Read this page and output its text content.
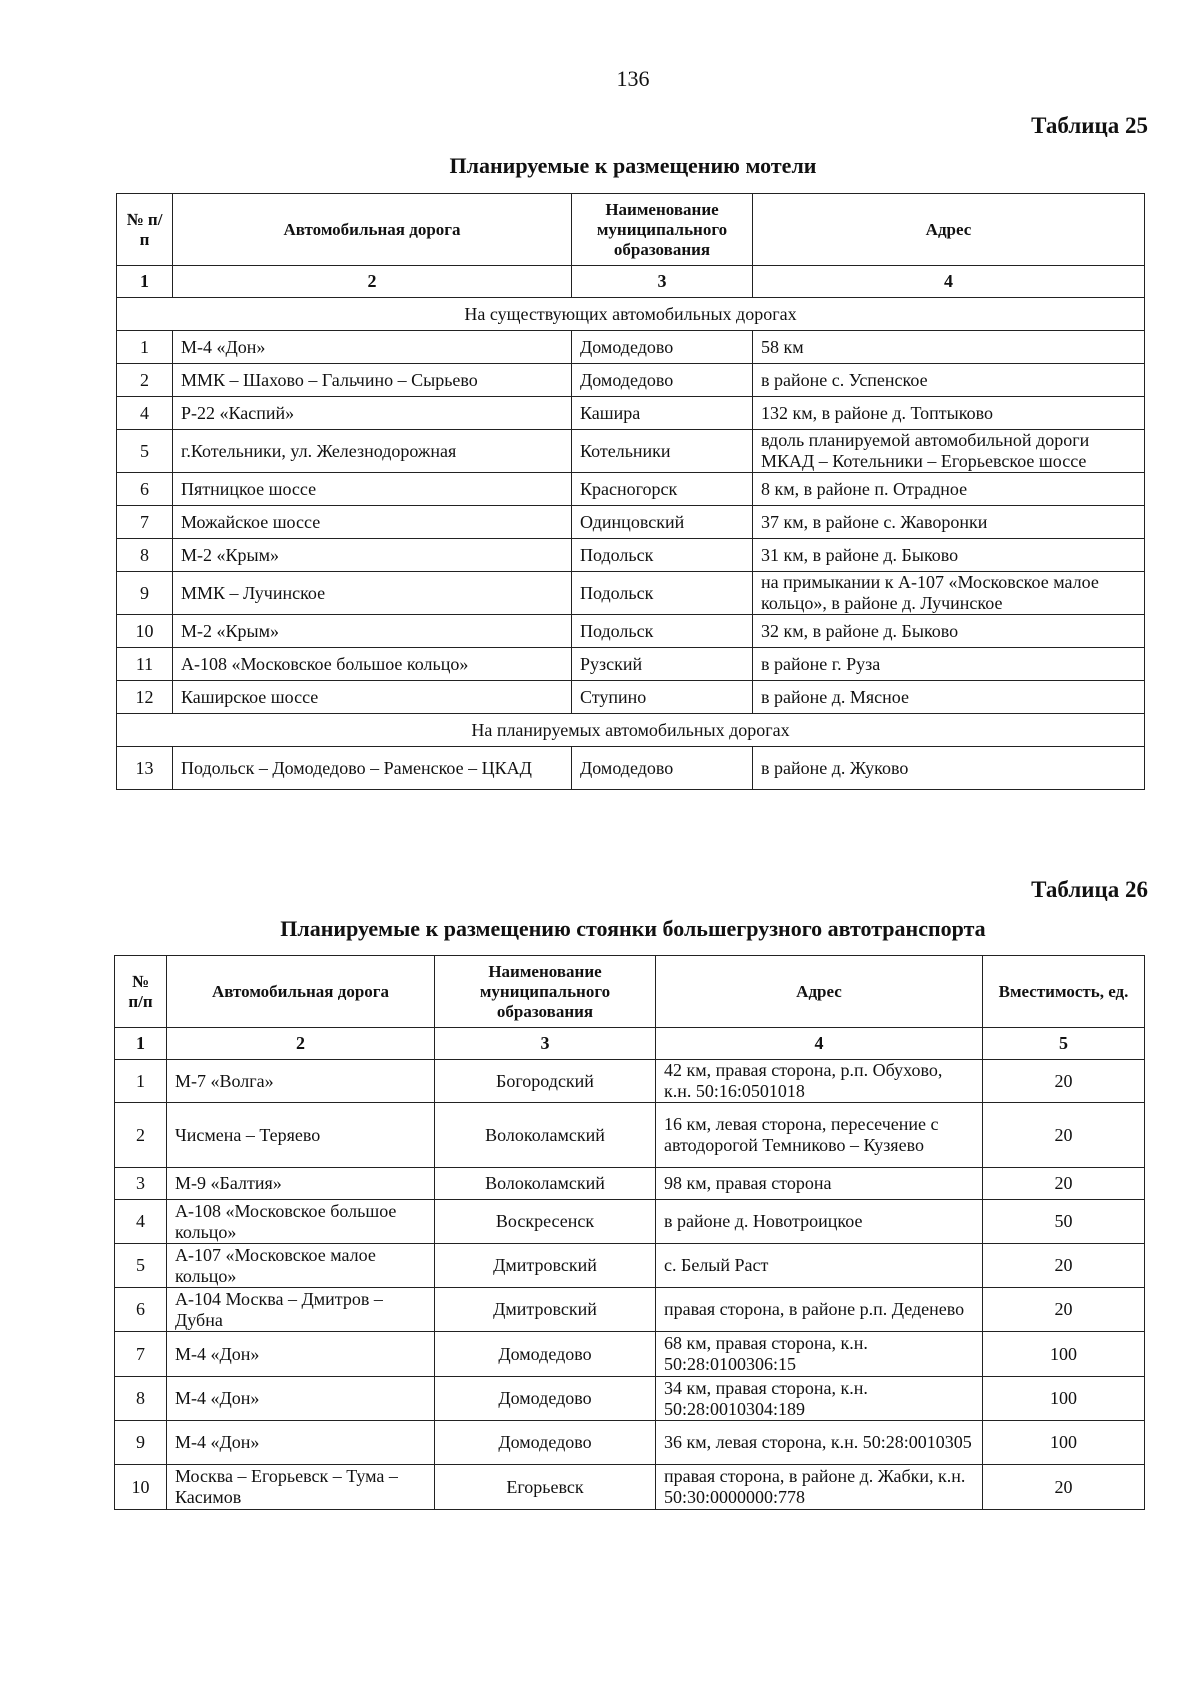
136
Таблица 25
Планируемые к размещению мотели
№ п/п	Автомобильная дорога	Наименование муниципального образования	Адрес
1	2	3	4
На существующих автомобильных дорогах			
1	М-4 «Дон»	Домодедово	58 км
2	ММК – Шахово – Гальчино – Сырьево	Домодедово	в районе с. Успенское
4	Р-22 «Каспий»	Кашира	132 км, в районе д. Топтыково
5	г.Котельники, ул. Железнодорожная	Котельники	вдоль планируемой автомобильной дороги МКАД – Котельники – Егорьевское шоссе
6	Пятницкое шоссе	Красногорск	8 км, в районе п. Отрадное
7	Можайское шоссе	Одинцовский	37 км, в районе с. Жаворонки
8	М-2 «Крым»	Подольск	31 км, в районе д. Быково
9	ММК – Лучинское	Подольск	на примыкании к А-107 «Московское малое кольцо», в районе д. Лучинское
10	М-2 «Крым»	Подольск	32 км, в районе д. Быково
11	А-108 «Московское большое кольцо»	Рузский	в районе г. Руза
12	Каширское шоссе	Ступино	в районе д. Мясное
На планируемых автомобильных дорогах			
13	Подольск – Домодедово – Раменское – ЦКАД	Домодедово	в районе д. Жуково
Таблица 26
Планируемые к размещению стоянки большегрузного автотранспорта
№ п/п	Автомобильная дорога	Наименование муниципального образования	Адрес	Вместимость, ед.
1	2	3	4	5
1	М-7 «Волга»	Богородский	42 км, правая сторона, р.п. Обухово, к.н. 50:16:0501018	20
2	Чисмена – Теряево	Волоколамский	16 км, левая сторона, пересечение с автодорогой Темниково – Кузяево	20
3	М-9 «Балтия»	Волоколамский	98 км, правая сторона	20
4	А-108 «Московское большое кольцо»	Воскресенск	в районе д. Новотроицкое	50
5	А-107 «Московское малое кольцо»	Дмитровский	с. Белый Раст	20
6	А-104 Москва – Дмитров – Дубна	Дмитровский	правая сторона, в районе р.п. Деденево	20
7	М-4 «Дон»	Домодедово	68 км, правая сторона, к.н. 50:28:0100306:15	100
8	М-4 «Дон»	Домодедово	34 км, правая сторона, к.н. 50:28:0010304:189	100
9	М-4 «Дон»	Домодедово	36 км, левая сторона, к.н. 50:28:0010305	100
10	Москва – Егорьевск – Тума – Касимов	Егорьевск	правая сторона, в районе д. Жабки, к.н. 50:30:0000000:778	20
